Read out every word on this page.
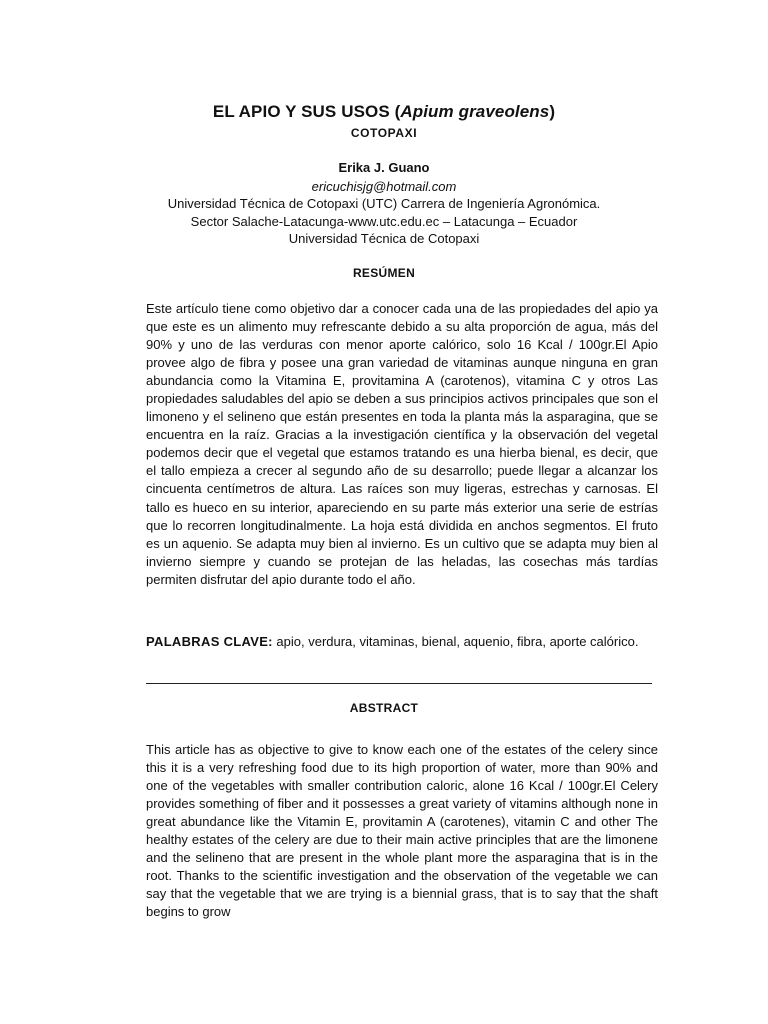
EL APIO Y SUS USOS (Apium graveolens)
COTOPAXI
Erika J. Guano
ericuchisjg@hotmail.com
Universidad Técnica de Cotopaxi (UTC) Carrera de Ingeniería Agronómica.
Sector Salache-Latacunga-www.utc.edu.ec – Latacunga – Ecuador
Universidad Técnica de Cotopaxi
RESÚMEN

Este artículo tiene como objetivo dar a conocer cada una de las propiedades del apio ya que este es un alimento muy refrescante debido a su alta proporción de agua, más del 90% y uno de las verduras con menor aporte calórico, solo 16 Kcal / 100gr.El Apio provee algo de fibra y posee una gran variedad de vitaminas aunque ninguna en gran abundancia como la Vitamina E, provitamina A (carotenos), vitamina C y otros Las propiedades saludables del apio se deben a sus principios activos principales que son el limoneno y el selineno que están presentes en toda la planta más la asparagina, que se encuentra en la raíz. Gracias a la investigación científica y la observación del vegetal podemos decir que el vegetal que estamos tratando es una hierba bienal, es decir, que el tallo empieza a crecer al segundo año de su desarrollo; puede llegar a alcanzar los cincuenta centímetros de altura. Las raíces son muy ligeras, estrechas y carnosas. El tallo es hueco en su interior, apareciendo en su parte más exterior una serie de estrías que lo recorren longitudinalmente. La hoja está dividida en anchos segmentos. El fruto es un aquenio. Se adapta muy bien al invierno. Es un cultivo que se adapta muy bien al invierno siempre y cuando se protejan de las heladas, las cosechas más tardías permiten disfrutar del apio durante todo el año.

PALABRAS CLAVE: apio, verdura, vitaminas, bienal, aquenio, fibra, aporte calórico.

ABSTRACT

This article has as objective to give to know each one of the estates of the celery since this it is a very refreshing food due to its high proportion of water, more than 90% and one of the vegetables with smaller contribution caloric, alone 16 Kcal / 100gr.El Celery provides something of fiber and it possesses a great variety of vitamins although none in great abundance like the Vitamin E, provitamin A (carotenes), vitamin C and other The healthy estates of the celery are due to their main active principles that are the limonene and the selineno that are present in the whole plant more the asparagina that is in the root. Thanks to the scientific investigation and the observation of the vegetable we can say that the vegetable that we are trying is a biennial grass, that is to say that the shaft begins to grow
